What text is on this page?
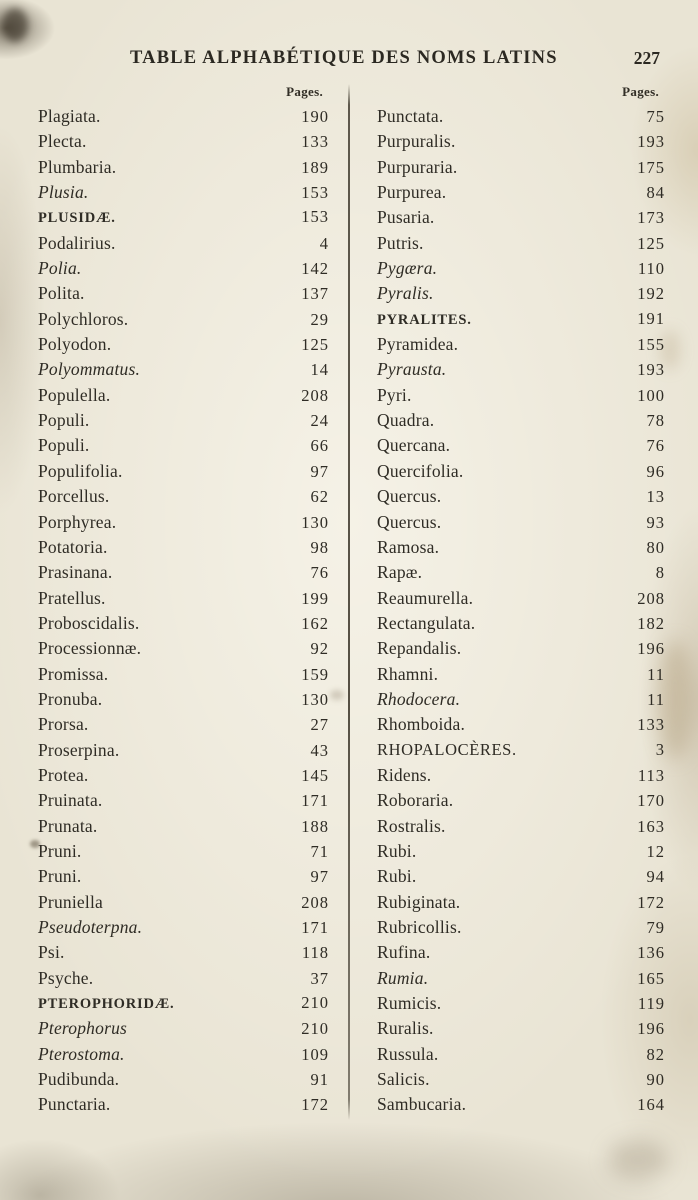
TABLE ALPHABÉTIQUE DES NOMS LATINS	227
Pages.
Plagiata.	190
Plecta.	133
Plumbaria.	189
Plusia.	153
PLUSIDÆ.	153
Podalirius.	4
Polia.	142
Polita.	137
Polychloros.	29
Polyodon.	125
Polyommatus.	14
Populella.	208
Populi.	24
Populi.	66
Populifolia.	97
Porcellus.	62
Porphyrea.	130
Potatoria.	98
Prasinana.	76
Pratellus.	199
Proboscidalis.	162
Processionnæ.	92
Promissa.	159
Pronuba.	130
Prorsa.	27
Proserpina.	43
Protea.	145
Pruinata.	171
Prunata.	188
Pruni.	71
Pruni.	97
Pruniella	208
Pseudoterpna.	171
Psi.	118
Psyche.	37
PTEROPHORIDÆ.	210
Pterophorus	210
Pterostoma.	109
Pudibunda.	91
Punctaria.	172
Pages.
Punctata.	75
Purpuralis.	193
Purpuraria.	175
Purpurea.	84
Pusaria.	173
Putris.	125
Pygæra.	110
Pyralis.	192
PYRALITES.	191
Pyramidea.	155
Pyrausta.	193
Pyri.	100
Quadra.	78
Quercana.	76
Quercifolia.	96
Quercus.	13
Quercus.	93
Ramosa.	80
Rapæ.	8
Reaumurella.	208
Rectangulata.	182
Repandalis.	196
Rhamni.	11
Rhodocera.	11
Rhomboida.	133
RHOPALOCÈRES.	3
Ridens.	113
Roboraria.	170
Rostralis.	163
Rubi.	12
Rubi.	94
Rubiginata.	172
Rubricollis.	79
Rufina.	136
Rumia.	165
Rumicis.	119
Ruralis.	196
Russula.	82
Salicis.	90
Sambucaria.	164
